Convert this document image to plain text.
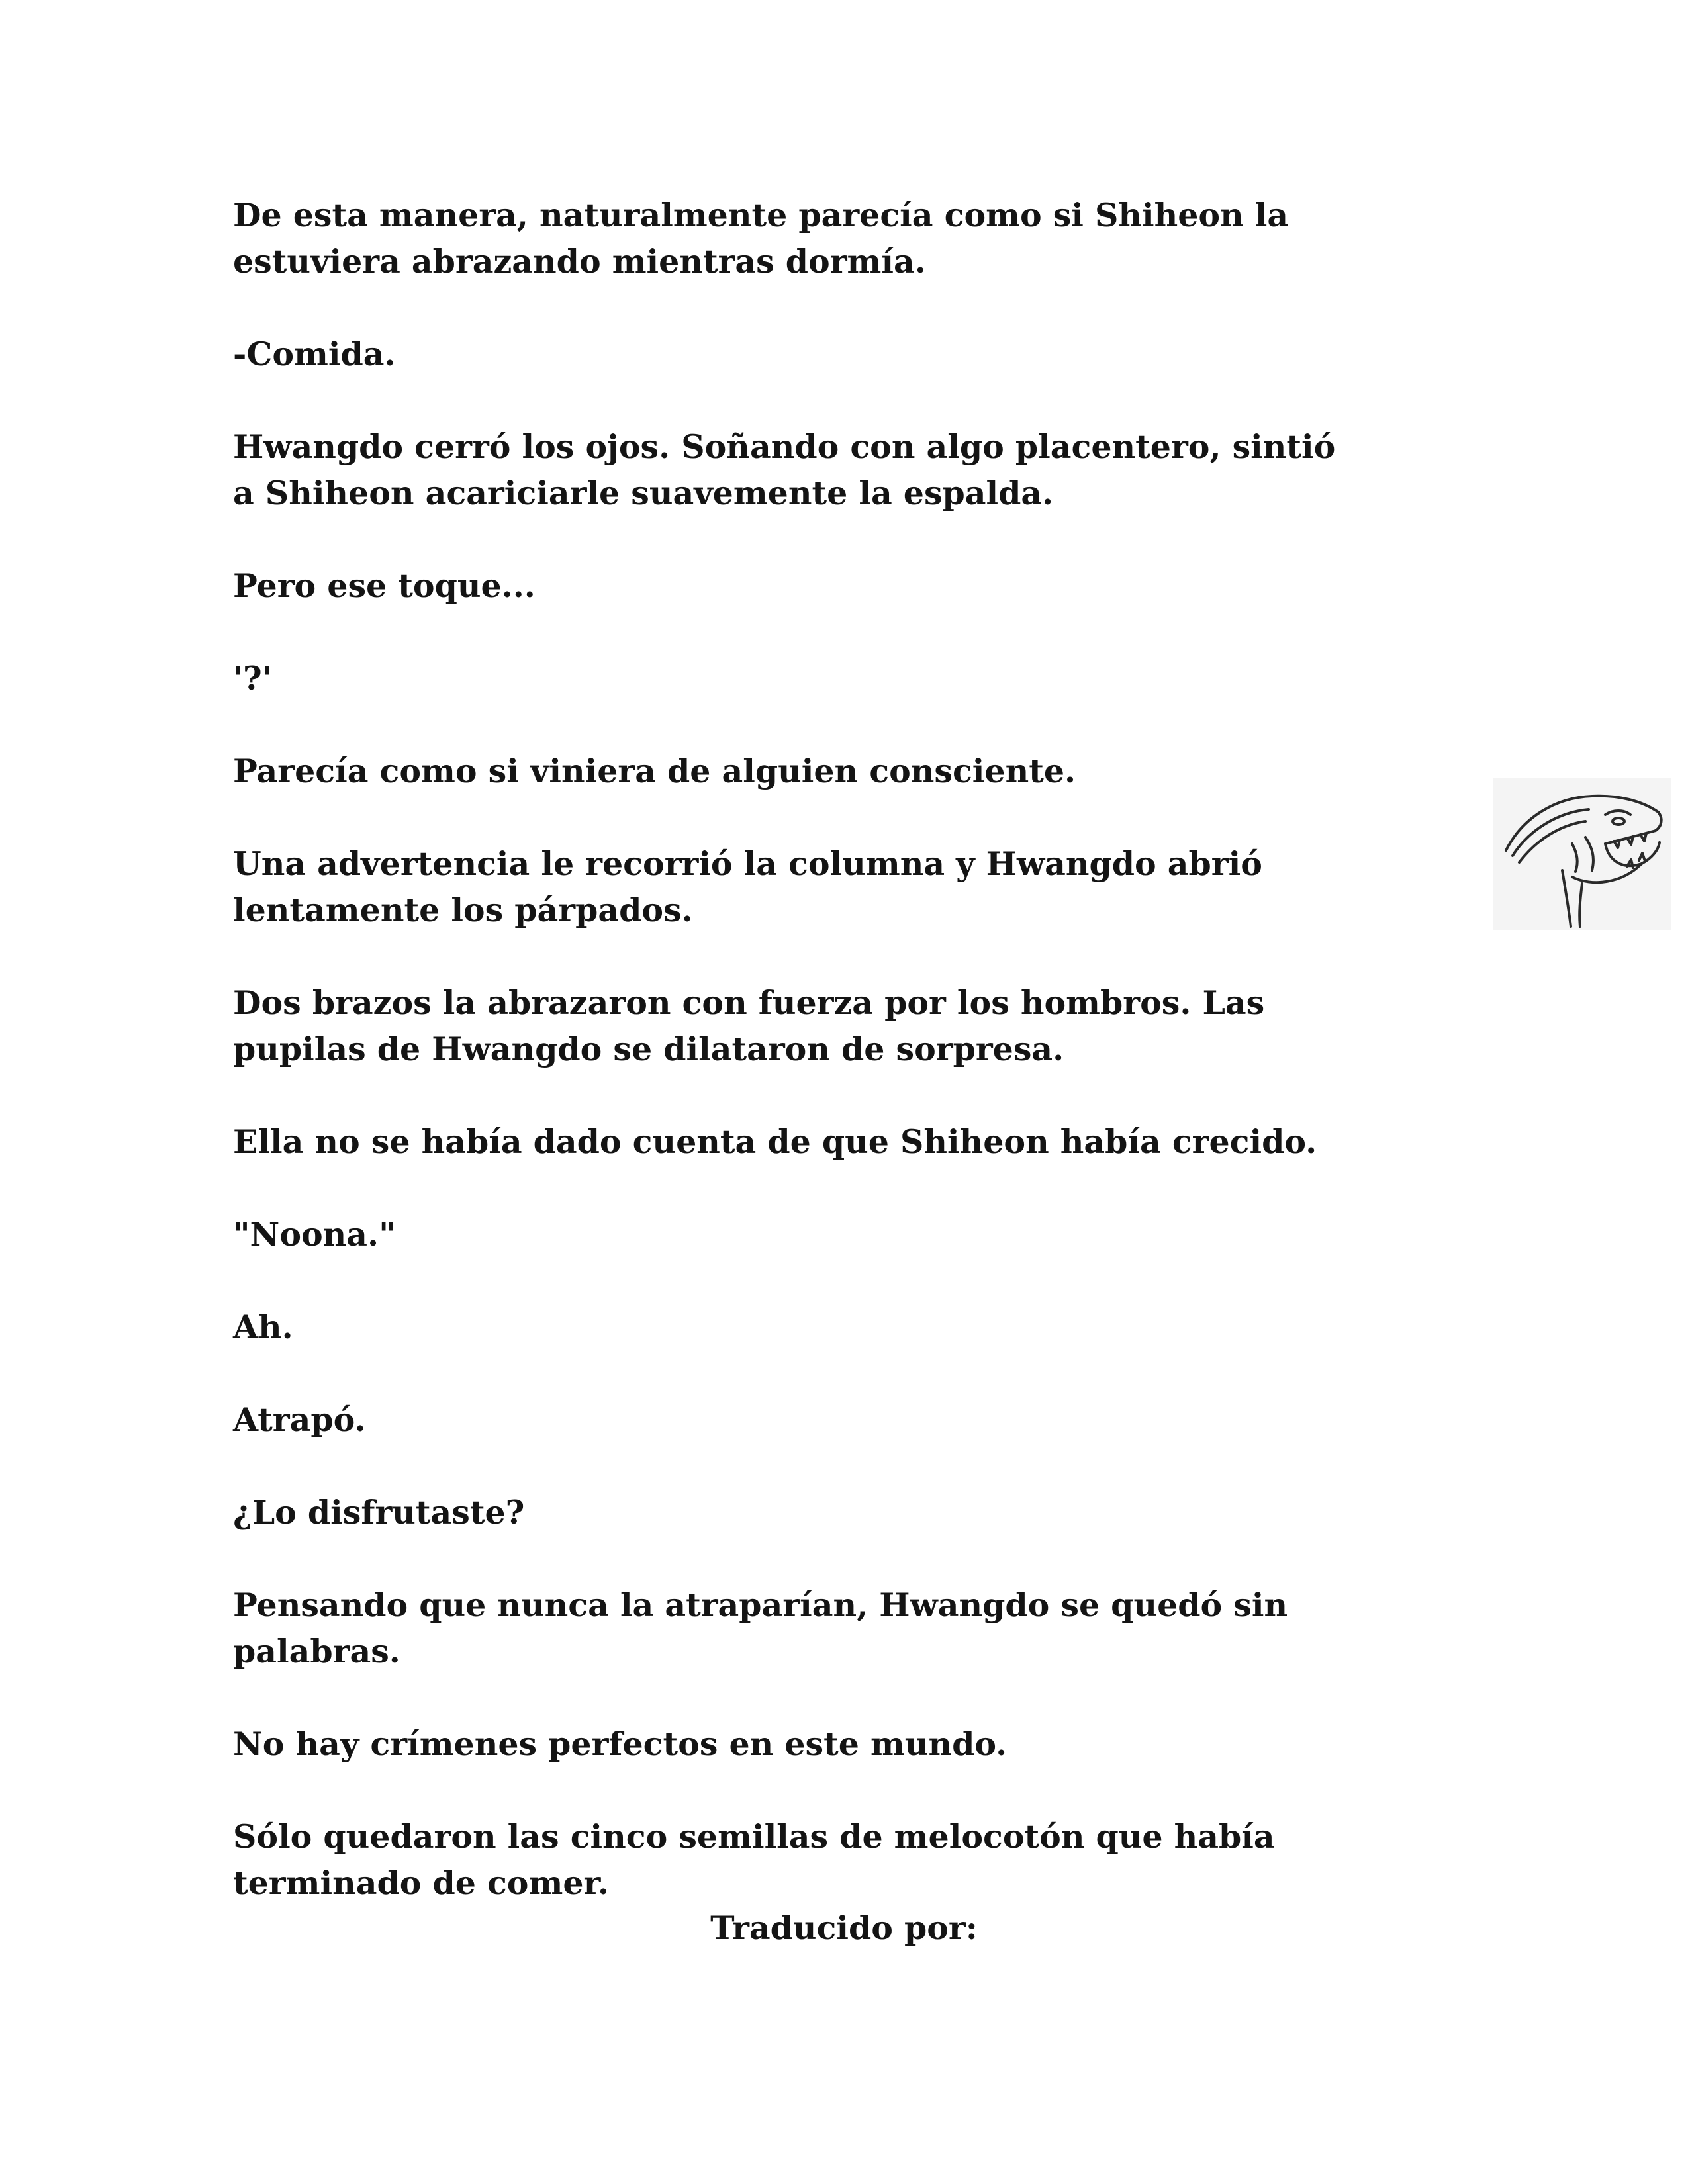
De esta manera, naturalmente parecía como si Shiheon la
estuviera abrazando mientras dormía.

-Comida.

Hwangdo cerró los ojos. Soñando con algo placentero, sintió
a Shiheon acariciarle suavemente la espalda.

Pero ese toque...

'?'

Parecía como si viniera de alguien consciente.

Una advertencia le recorrió la columna y Hwangdo abrió
lentamente los párpados.

Dos brazos la abrazaron con fuerza por los hombros. Las
pupilas de Hwangdo se dilataron de sorpresa.

Ella no se había dado cuenta de que Shiheon había crecido.

"Noona."

Ah.

Atrapó.

¿Lo disfrutaste?

Pensando que nunca la atraparían, Hwangdo se quedó sin
palabras.

No hay crímenes perfectos en este mundo.

Sólo quedaron las cinco semillas de melocotón que había
terminado de comer.

Traducido por:
